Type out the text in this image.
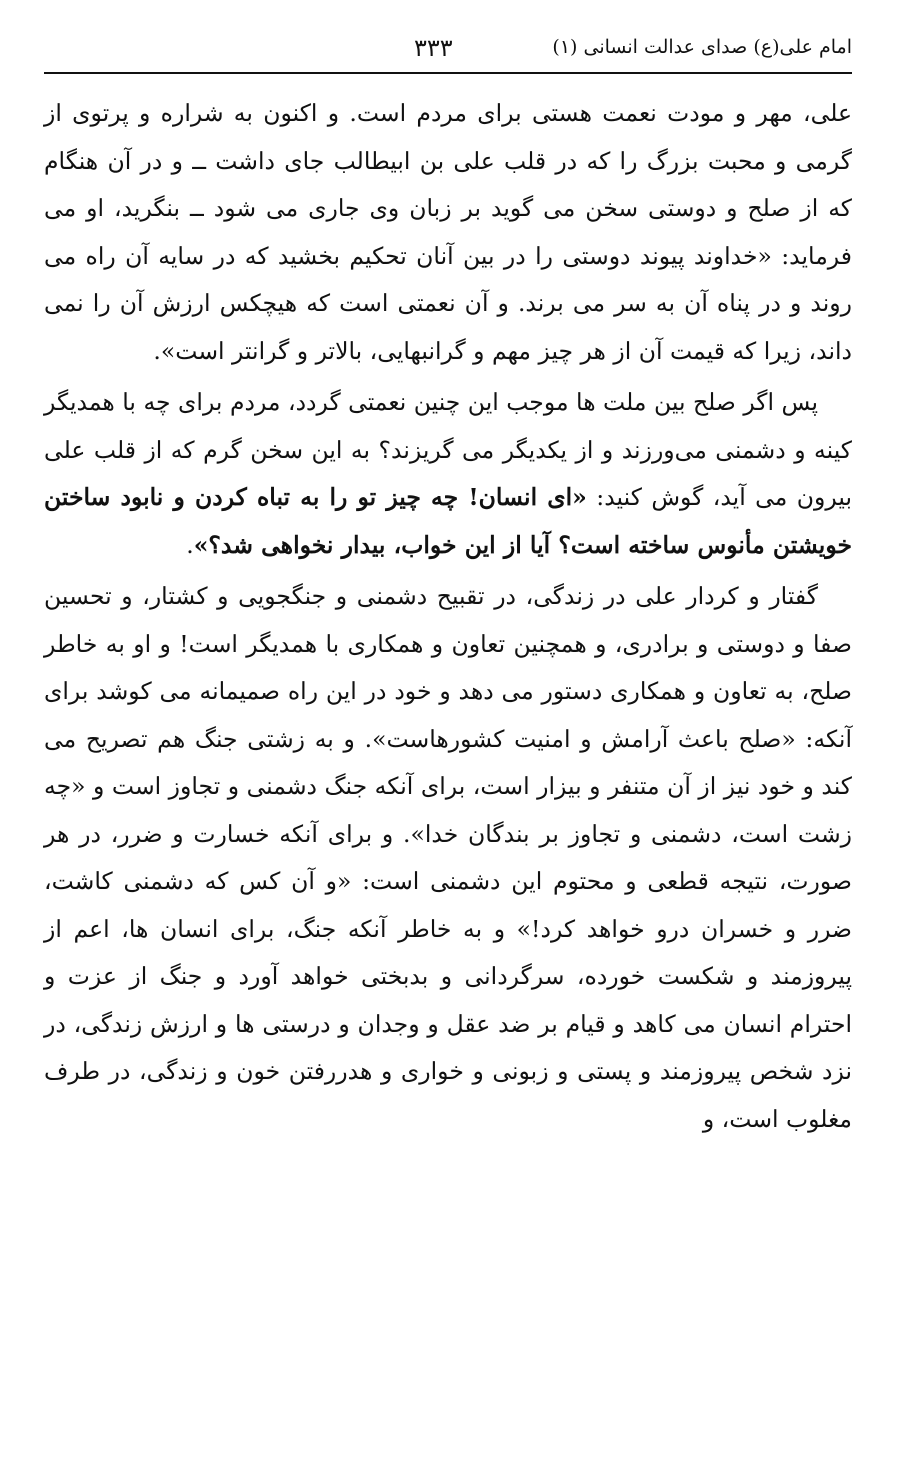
امام علی(ع) صدای عدالت انسانی (۱)
۳۳۳

علی، مهر و مودت نعمت هستی برای مردم است. و اکنون به شراره و پرتوی از گرمی و محبت بزرگ را که در قلب علی بن ابیطالب جای داشت ــ و در آن هنگام که از صلح و دوستی سخن می گوید بر زبان وی جاری می شود ــ بنگرید، او می فرماید: «خداوند پیوند دوستی را در بین آنان تحکیم بخشید که در سایه آن راه می روند و در پناه آن به سر می برند. و آن نعمتی است که هیچکس ارزش آن را نمی داند، زیرا که قیمت آن از هر چیز مهم و گرانبهایی، بالاتر و گرانتر است».

پس اگر صلح بین ملت ها موجب این چنین نعمتی گردد، مردم برای چه با همدیگر کینه و دشمنی می‌ورزند و از یکدیگر می گریزند؟ به این سخن گرم که از قلب علی بیرون می آید، گوش کنید: «ای انسان! چه چیز تو را به تباه کردن و نابود ساختن خویشتن مأنوس ساخته است؟ آیا از این خواب، بیدار نخواهی شد؟».

گفتار و کردار علی در زندگی، در تقبیح دشمنی و جنگجویی و کشتار، و تحسین صفا و دوستی و برادری، و همچنین تعاون و همکاری با همدیگر است! و او به خاطر صلح، به تعاون و همکاری دستور می دهد و خود در این راه صمیمانه می کوشد برای آنکه: «صلح باعث آرامش و امنیت کشورهاست». و به زشتی جنگ هم تصریح می کند و خود نیز از آن متنفر و بیزار است، برای آنکه جنگ دشمنی و تجاوز است و «چه زشت است، دشمنی و تجاوز بر بندگان خدا». و برای آنکه خسارت و ضرر، در هر صورت، نتیجه قطعی و محتوم این دشمنی است: «و آن کس که دشمنی کاشت، ضرر و خسران درو خواهد کرد!» و به خاطر آنکه جنگ، برای انسان ها، اعم از پیروزمند و شکست خورده، سرگردانی و بدبختی خواهد آورد و جنگ از عزت و احترام انسان می کاهد و قیام بر ضد عقل و وجدان و درستی ها و ارزش زندگی، در نزد شخص پیروزمند و پستی و زبونی و خواری و هدررفتن خون و زندگی، در طرف مغلوب است، و
